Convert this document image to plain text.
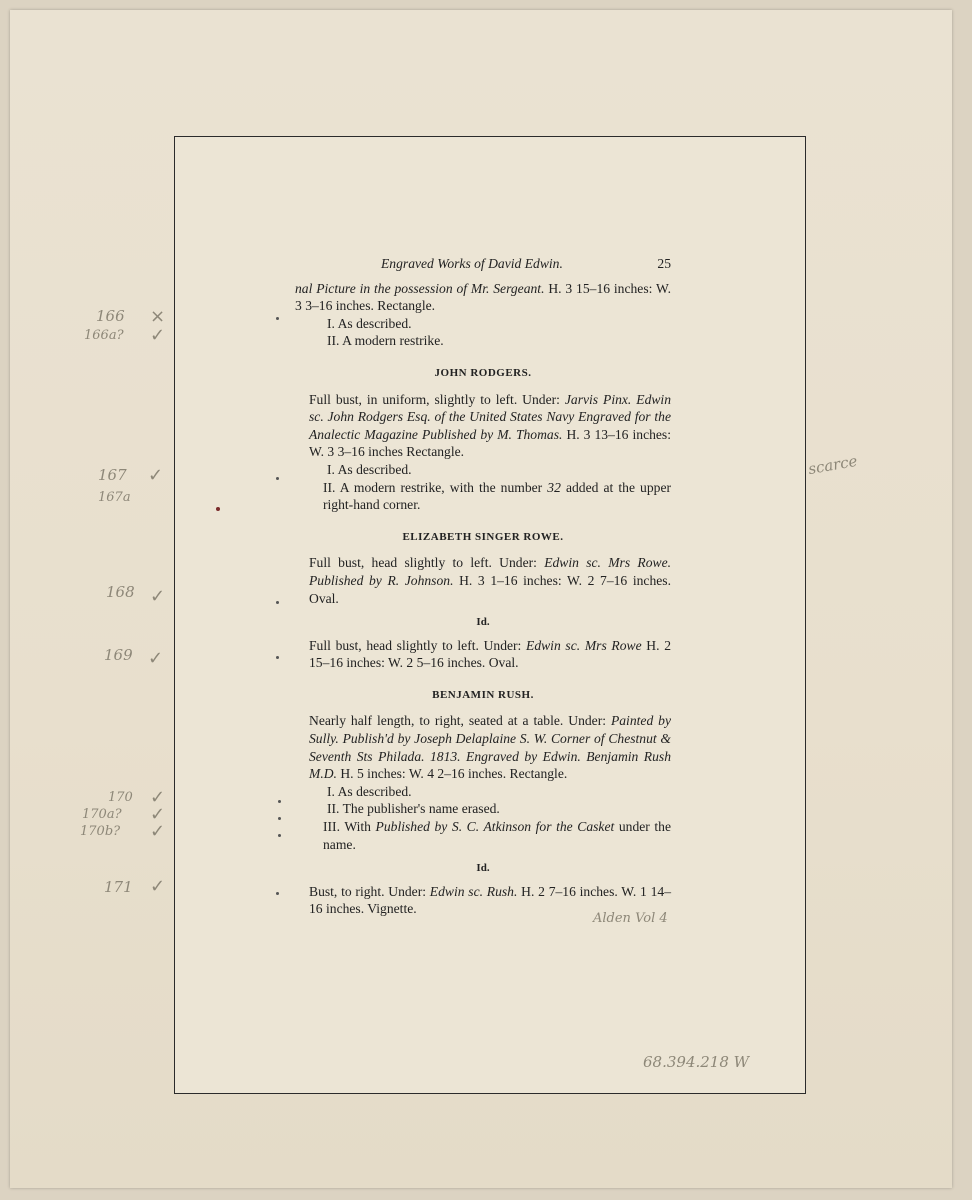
Engraved Works of David Edwin.	25

nal Picture in the possession of Mr. Sergeant. H. 3 15–16 inches: W. 3 3–16 inches. Rectangle.

I. As described.

II. A modern restrike.

JOHN RODGERS.

Full bust, in uniform, slightly to left. Under: Jarvis Pinx. Edwin sc. John Rodgers Esq. of the United States Navy Engraved for the Analectic Magazine Published by M. Thomas. H. 3 13–16 inches: W. 3 3–16 inches Rectangle.

I. As described.

II. A modern restrike, with the number 32 added at the upper right-hand corner.

ELIZABETH SINGER ROWE.

Full bust, head slightly to left. Under: Edwin sc. Mrs Rowe. Published by R. Johnson. H. 3 1–16 inches: W. 2 7–16 inches. Oval.

Id.

Full bust, head slightly to left. Under: Edwin sc. Mrs Rowe H. 2 15–16 inches: W. 2 5–16 inches. Oval.

BENJAMIN RUSH.

Nearly half length, to right, seated at a table. Under: Painted by Sully. Publish'd by Joseph Delaplaine S. W. Corner of Chestnut & Seventh Sts Philada. 1813. Engraved by Edwin. Benjamin Rush M.D. H. 5 inches: W. 4 2–16 inches. Rectangle.

I. As described.

II. The publisher's name erased.

III. With Published by S. C. Atkinson for the Casket under the name.

Id.

Bust, to right. Under: Edwin sc. Rush. H. 2 7–16 inches. W. 1 14–16 inches. Vignette.

Alden Vol 4
68.394.218 W
166 ×
166a? ✓
167 ✓
167a
168 ✓
169 ✓
170 ✓
170a? ✓
170b? ✓
171 ✓
scarce
